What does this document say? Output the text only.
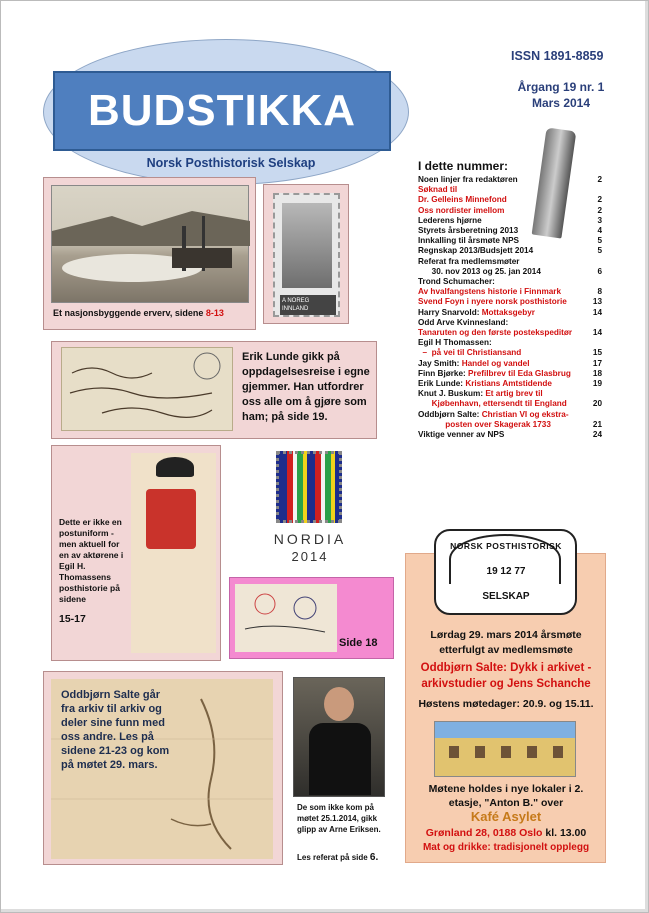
BUDSTIKKA
Norsk Posthistorisk Selskap
ISSN 1891-8859
Årgang 19 nr. 1
Mars 2014
I dette nummer:
Noen linjer fra redaktøren	2
Søknad til
Dr. Gelleins Minnefond	2
Oss nordister imellom	2
Lederens hjørne	3
Styrets årsberetning 2013	4
Innkalling til årsmøte NPS	5
Regnskap 2013/Budsjett 2014	5
Referat fra medlemsmøter
30. nov 2013 og 25. jan 2014	6
Trond Schumacher:
Av hvalfangstens historie i Finnmark	8
Svend Foyn i nyere norsk posthistorie	13
Harry Snarvold: Mottaksgebyr	14
Odd Arve Kvinnesland:
Tanaruten og den første postekspeditør	14
Egil H Thomassen:
–  på vei til Christiansand	15
Jay Smith: Handel og vandel	17
Finn Bjørke: Prefilbrev til Eda Glasbrug	18
Erik Lunde: Kristians Amtstidende	19
Knut J. Buskum: Et artig brev til
Kjøbenhavn, ettersendt til England	20
Oddbjørn Salte: Christian VI og ekstra-
posten over Skagerak 1733	21
Viktige venner av NPS	24
Et nasjonsbyggende erverv, sidene 8-13
A NOREG INNLAND
Erik Lunde gikk på oppdagelsesreise i egne gjemmer. Han utfordrer oss alle om å gjøre som ham; på side 19.
Dette er ikke en postuniform - men aktuell for en av aktørene i Egil H. Thomassens posthistorie på sidene
15-17
NORDIA
2014
Side 18
Oddbjørn Salte går fra arkiv til arkiv og deler sine funn med oss andre. Les på sidene 21-23 og kom på møtet 29. mars.
De som ikke kom på møtet 25.1.2014, gikk glipp av Arne Eriksen.
Les referat på side 6.
NORSK POSTHISTORISK
19 12 77
SELSKAP
Lørdag 29. mars 2014 årsmøte etterfulgt av medlemsmøte
Oddbjørn Salte: Dykk i arkivet - arkivstudier og Jens Schanche
Høstens møtedager: 20.9. og 15.11.
Møtene holdes i nye lokaler i 2. etasje, "Anton B." over
Kafé Asylet
Grønland 28, 0188 Oslo kl. 13.00
Mat og drikke: tradisjonelt opplegg
